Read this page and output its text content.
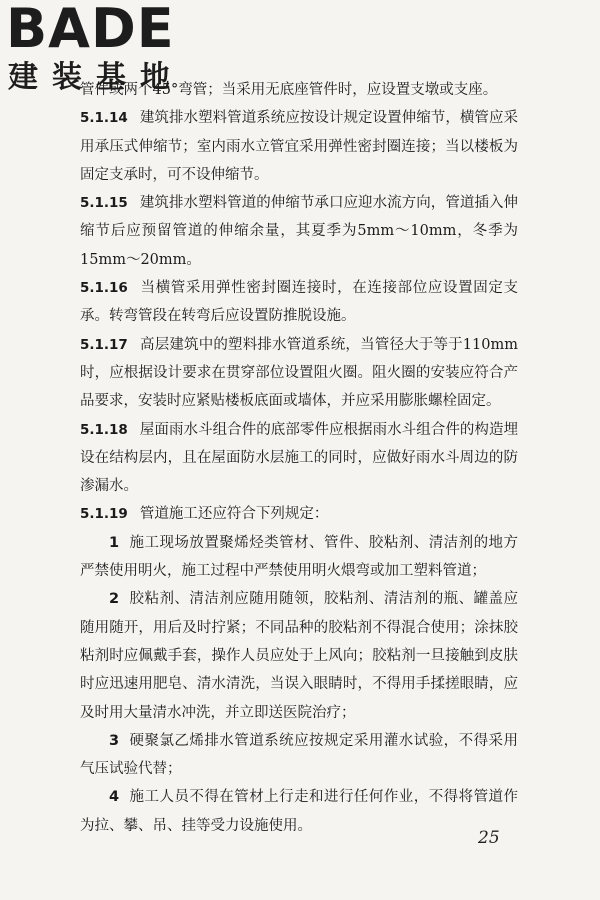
BADE
建装基地

管件或两个45°弯管；当采用无底座管件时，应设置支墩或支座。

5.1.14 建筑排水塑料管道系统应按设计规定设置伸缩节，横管应采用承压式伸缩节；室内雨水立管宜采用弹性密封圈连接；当以楼板为固定支承时，可不设伸缩节。

5.1.15 建筑排水塑料管道的伸缩节承口应迎水流方向，管道插入伸缩节后应预留管道的伸缩余量，其夏季为5mm～10mm，冬季为15mm～20mm。

5.1.16 当横管采用弹性密封圈连接时，在连接部位应设置固定支承。转弯管段在转弯后应设置防推脱设施。

5.1.17 高层建筑中的塑料排水管道系统，当管径大于等于110mm时，应根据设计要求在贯穿部位设置阻火圈。阻火圈的安装应符合产品要求，安装时应紧贴楼板底面或墙体，并应采用膨胀螺栓固定。

5.1.18 屋面雨水斗组合件的底部零件应根据雨水斗组合件的构造埋设在结构层内，且在屋面防水层施工的同时，应做好雨水斗周边的防渗漏水。

5.1.19 管道施工还应符合下列规定：

1 施工现场放置聚烯烃类管材、管件、胶粘剂、清洁剂的地方严禁使用明火，施工过程中严禁使用明火煨弯或加工塑料管道；

2 胶粘剂、清洁剂应随用随领，胶粘剂、清洁剂的瓶、罐盖应随用随开，用后及时拧紧；不同品种的胶粘剂不得混合使用；涂抹胶粘剂时应佩戴手套，操作人员应处于上风向；胶粘剂一旦接触到皮肤时应迅速用肥皂、清水清洗，当误入眼睛时，不得用手揉搓眼睛，应及时用大量清水冲洗，并立即送医院治疗；

3 硬聚氯乙烯排水管道系统应按规定采用灌水试验，不得采用气压试验代替；

4 施工人员不得在管材上行走和进行任何作业，不得将管道作为拉、攀、吊、挂等受力设施使用。

25
